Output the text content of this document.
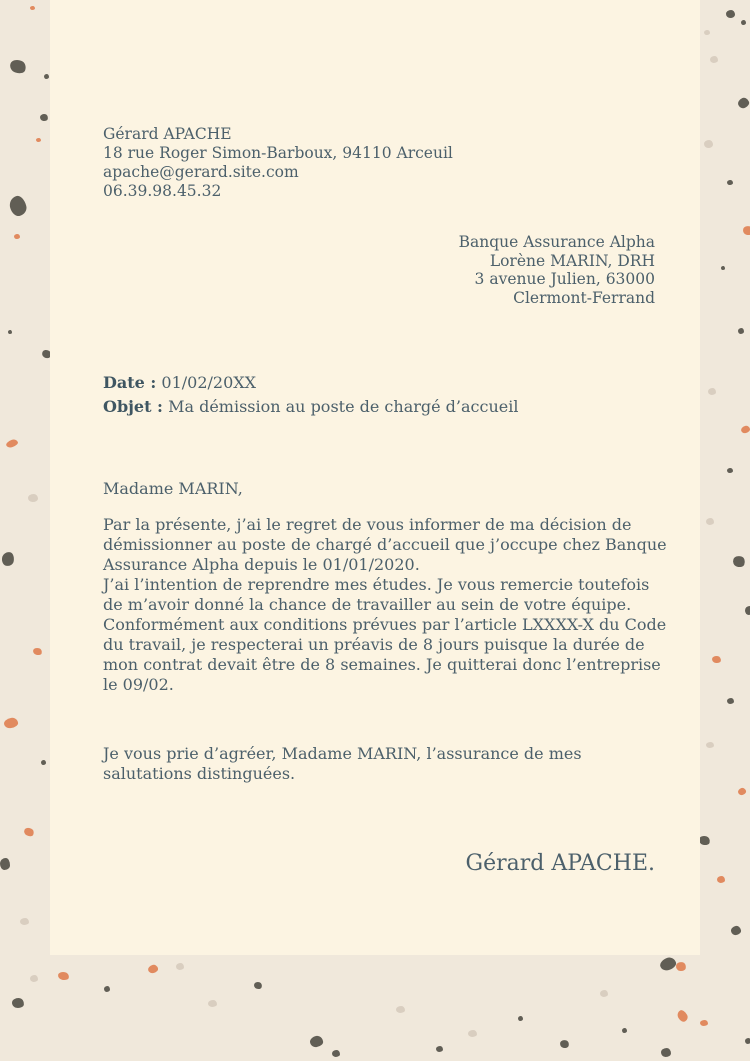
Gérard APACHE
18 rue Roger Simon-Barboux, 94110 Arceuil
apache@gerard.site.com
06.39.98.45.32
Banque Assurance Alpha
Lorène MARIN, DRH
3 avenue Julien, 63000
Clermont-Ferrand
Date : 01/02/20XX
Objet : Ma démission au poste de chargé d’accueil
Madame MARIN,
Par la présente, j’ai le regret de vous informer de ma décision de démissionner au poste de chargé d’accueil que j’occupe chez Banque Assurance Alpha depuis le 01/01/2020.
J’ai l’intention de reprendre mes études. Je vous remercie toutefois de m’avoir donné la chance de travailler au sein de votre équipe.
Conformément aux conditions prévues par l’article LXXXX-X du Code du travail, je respecterai un préavis de 8 jours puisque la durée de mon contrat devait être de 8 semaines. Je quitterai donc l’entreprise le 09/02.
Je vous prie d’agréer, Madame MARIN, l’assurance de mes salutations distinguées.
Gérard APACHE.
